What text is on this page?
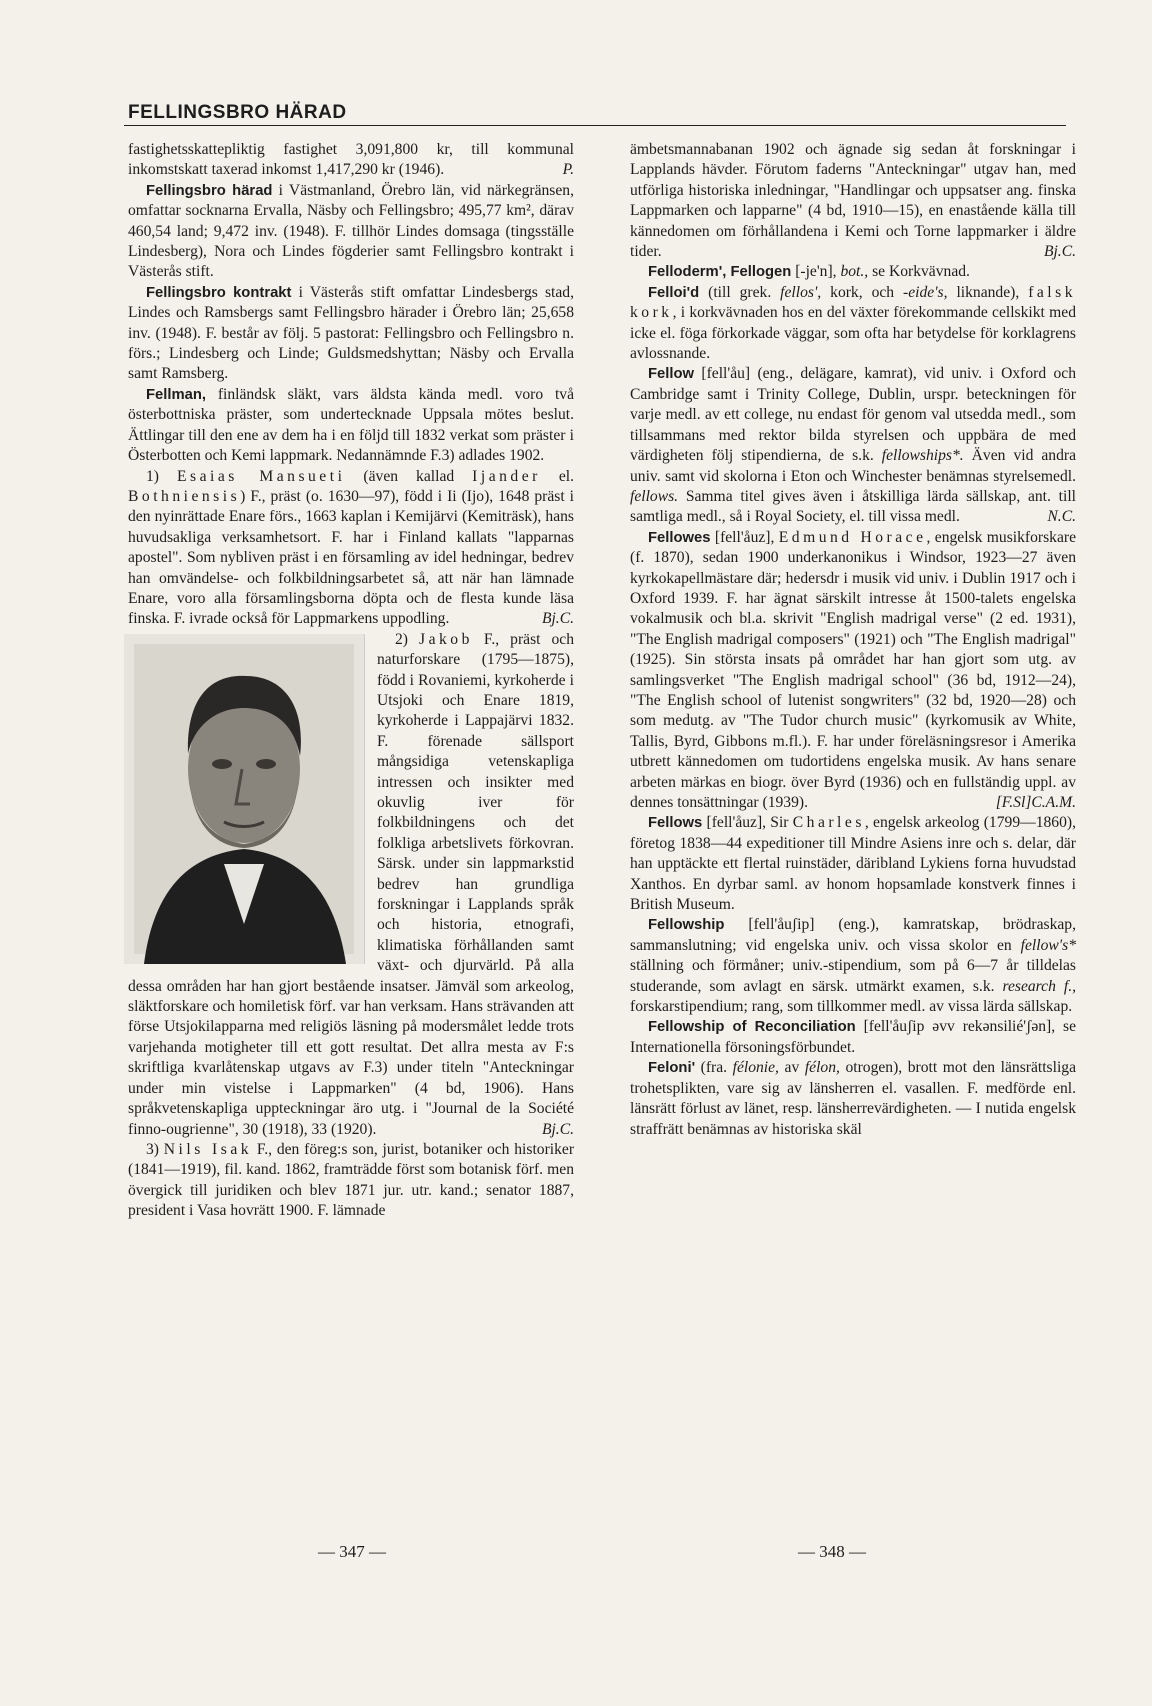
FELLINGSBRO HÄRAD

fastighetsskattepliktig fastighet 3,091,800 kr, till kommunal inkomstskatt taxerad inkomst 1,417,290 kr (1946).	P.

Fellingsbro härad i Västmanland, Örebro län, vid närkegränsen, omfattar socknarna Ervalla, Näsby och Fellingsbro; 495,77 km², därav 460,54 land; 9,472 inv. (1948). F. tillhör Lindes domsaga (tingsställe Lindesberg), Nora och Lindes fögderier samt Fellingsbro kontrakt i Västerås stift.

Fellingsbro kontrakt i Västerås stift omfattar Lindesbergs stad, Lindes och Ramsbergs samt Fellingsbro härader i Örebro län; 25,658 inv. (1948). F. består av följ. 5 pastorat: Fellingsbro och Fellingsbro n. förs.; Lindesberg och Linde; Guldsmedshyttan; Näsby och Ervalla samt Ramsberg.

Fellman, finländsk släkt, vars äldsta kända medl. voro två österbottniska präster, som undertecknade Uppsala mötes beslut. Ättlingar till den ene av dem ha i en följd till 1832 verkat som präster i Österbotten och Kemi lappmark. Nedannämnde F.3) adlades 1902.

1) Esaias Mansueti (även kallad Ijander el. Bothniensis) F., präst (o. 1630—97), född i Ii (Ijo), 1648 präst i den nyinrättade Enare förs., 1663 kaplan i Kemijärvi (Kemiträsk), hans huvudsakliga verksamhetsort. F. har i Finland kallats "lapparnas apostel". Som nybliven präst i en församling av idel hedningar, bedrev han omvändelse- och folkbildningsarbetet så, att när han lämnade Enare, voro alla församlingsborna döpta och de flesta kunde läsa finska. F. ivrade också för Lappmarkens uppodling.	Bj.C.

2) Jakob
F., präst och naturforskare (1795—1875), född i Rovaniemi, kyrkoherde i Utsjoki och Enare 1819, kyrkoherde i Lappajärvi 1832. F. förenade sällsport mångsidiga vetenskapliga intressen och insikter med okuvlig iver för folkbildningens och det folkliga arbetslivets förkovran. Särsk. under sin lappmarkstid bedrev han grundliga forskningar i Lapplands språk och historia, etnografi, klimatiska förhållanden samt växt- och djurvärld. På alla dessa områden har han gjort bestående insatser. Jämväl som arkeolog, släktforskare och homiletisk förf. var han verksam. Hans strävanden att förse Utsjokilapparna med religiös läsning på modersmålet ledde trots varjehanda motigheter till ett gott resultat. Det allra mesta av F:s skriftliga kvarlåtenskap utgavs av F.3) under titeln "Anteckningar under min vistelse i Lappmarken" (4 bd, 1906). Hans språkvetenskapliga uppteckningar äro utg. i "Journal de la Société finno-ougrienne", 30 (1918), 33 (1920).	Bj.C.

3) Nils Isak F., den föreg:s son, jurist, botaniker och historiker (1841—1919), fil. kand. 1862, framträdde först som botanisk förf. men övergick till juridiken och blev 1871 jur. utr. kand.; senator 1887, president i Vasa hovrätt 1900. F. lämnade

ämbetsmannabanan 1902 och ägnade sig sedan åt forskningar i Lapplands hävder. Förutom faderns "Anteckningar" utgav han, med utförliga historiska inledningar, "Handlingar och uppsatser ang. finska Lappmarken och lapparne" (4 bd, 1910—15), en enastående källa till kännedomen om förhållandena i Kemi och Torne lappmarker i äldre tider.	Bj.C.

Felloderm', Fellogen [-je'n], bot., se Korkvävnad.

Felloi'd (till grek. fellos', kork, och -eide's, liknande), falsk kork, i korkvävnaden hos en del växter förekommande cellskikt med icke el. föga förkorkade väggar, som ofta har betydelse för korklagrens avlossnande.

Fellow [fell'åu] (eng., delägare, kamrat), vid univ. i Oxford och Cambridge samt i Trinity College, Dublin, urspr. beteckningen för varje medl. av ett college, nu endast för genom val utsedda medl., som tillsammans med rektor bilda styrelsen och uppbära de med värdigheten följ stipendierna, de s.k. fellowships*. Även vid andra univ. samt vid skolorna i Eton och Winchester benämnas styrelsemedl. fellows. Samma titel gives även i åtskilliga lärda sällskap, ant. till samtliga medl., så i Royal Society, el. till vissa medl.	N.C.

Fellowes [fell'åuz], Edmund Horace, engelsk musikforskare (f. 1870), sedan 1900 underkanonikus i Windsor, 1923—27 även kyrkokapellmästare där; hedersdr i musik vid univ. i Dublin 1917 och i Oxford 1939. F. har ägnat särskilt intresse åt 1500-talets engelska vokalmusik och bl.a. skrivit "English madrigal verse" (2 ed. 1931), "The English madrigal composers" (1921) och "The English madrigal" (1925). Sin största insats på området har han gjort som utg. av samlingsverket "The English madrigal school" (36 bd, 1912—24), "The English school of lutenist songwriters" (32 bd, 1920—28) och som medutg. av "The Tudor church music" (kyrkomusik av White, Tallis, Byrd, Gibbons m.fl.). F. har under föreläsningsresor i Amerika utbrett kännedomen om tudortidens engelska musik. Av hans senare arbeten märkas en biogr. över Byrd (1936) och en fullständig uppl. av dennes tonsättningar (1939).	[F.Sl]C.A.M.

Fellows [fell'åuz], Sir Charles, engelsk arkeolog (1799—1860), företog 1838—44 expeditioner till Mindre Asiens inre och s. delar, där han upptäckte ett flertal ruinstäder, däribland Lykiens forna huvudstad Xanthos. En dyrbar saml. av honom hopsamlade konstverk finnes i British Museum.

Fellowship [fell'åuʃip] (eng.), kamratskap, brödraskap, sammanslutning; vid engelska univ. och vissa skolor en fellow's* ställning och förmåner; univ.-stipendium, som på 6—7 år tilldelas studerande, som avlagt en särsk. utmärkt examen, s.k. research f., forskarstipendium; rang, som tillkommer medl. av vissa lärda sällskap.

Fellowship of Reconciliation [fell'åuʃip əvv rekənsilié'ʃən], se Internationella försoningsförbundet.

Feloni' (fra. félonie, av félon, otrogen), brott mot den länsrättsliga trohetsplikten, vare sig av länsherren el. vasallen. F. medförde enl. länsrätt förlust av länet, resp. länsherrevärdigheten. — I nutida engelsk straffrätt benämnas av historiska skäl

— 347 —	— 348 —
